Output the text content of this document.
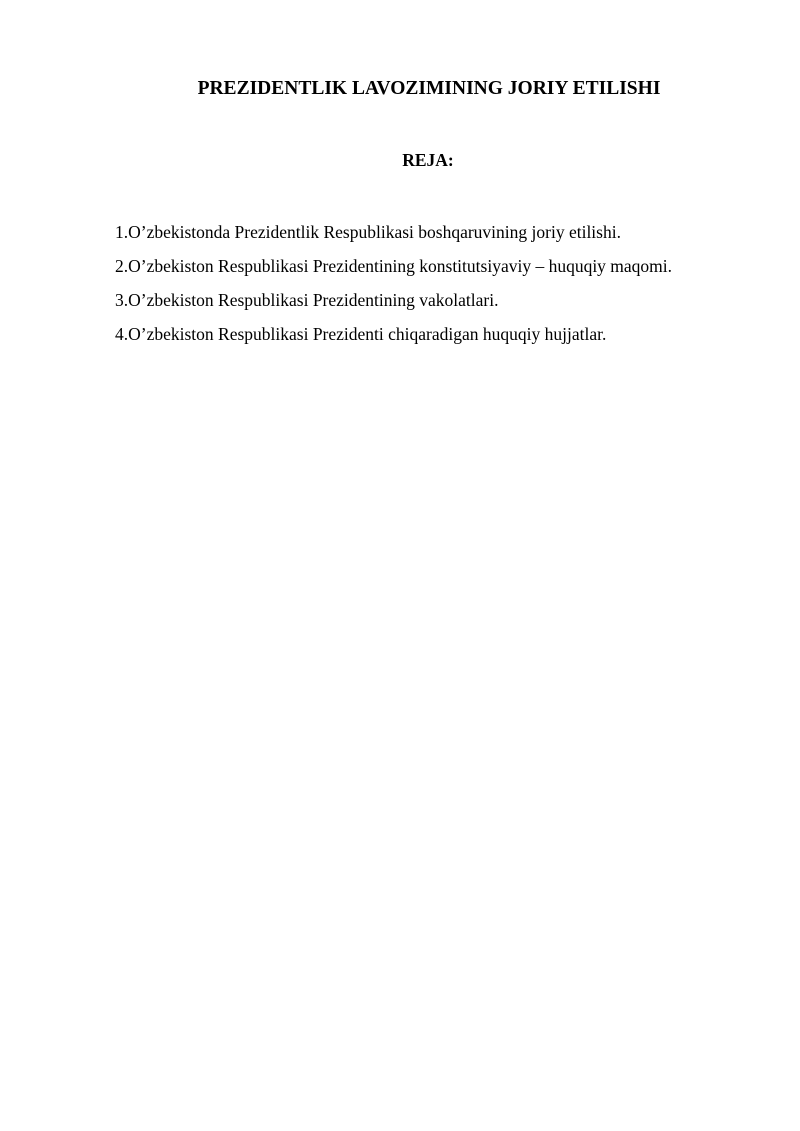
PREZIDENTLIK LAVOZIMINING JORIY ETILISHI
REJA:
1.O’zbekistonda Prezidentlik Respublikasi boshqaruvining joriy etilishi.
2.O’zbekiston Respublikasi Prezidentining konstitutsiyaviy – huquqiy maqomi.
3.O’zbekiston Respublikasi Prezidentining vakolatlari.
4.O’zbekiston Respublikasi Prezidenti chiqaradigan huquqiy hujjatlar.
